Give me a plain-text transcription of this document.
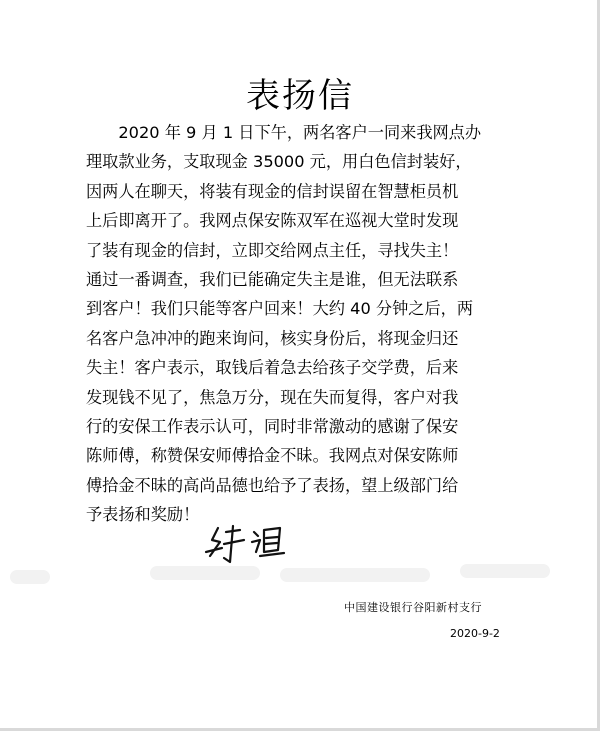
表扬信
　　2020 年 9 月 1 日下午，两名客户一同来我网点办
理取款业务，支取现金 35000 元，用白色信封装好，
因两人在聊天，将装有现金的信封误留在智慧柜员机
上后即离开了。我网点保安陈双军在巡视大堂时发现
了装有现金的信封，立即交给网点主任，寻找失主！
通过一番调查，我们已能确定失主是谁，但无法联系
到客户！我们只能等客户回来！大约 40 分钟之后，两
名客户急冲冲的跑来询问，核实身份后，将现金归还
失主！客户表示，取钱后着急去给孩子交学费，后来
发现钱不见了，焦急万分，现在失而复得，客户对我
行的安保工作表示认可，同时非常激动的感谢了保安
陈师傅，称赞保安师傅拾金不昧。我网点对保安陈师
傅拾金不昧的高尚品德也给予了表扬，望上级部门给
予表扬和奖励！
中国建设银行谷阳新村支行
2020-9-2
